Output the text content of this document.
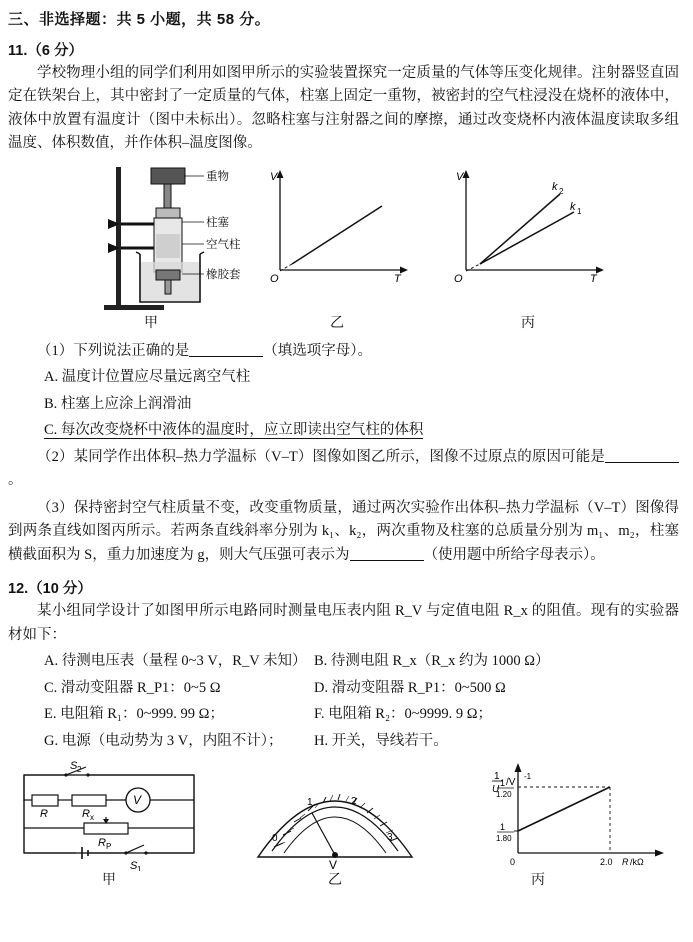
三、非选择题：共 5 小题，共 58 分。
11.（6 分）
学校物理小组的同学们利用如图甲所示的实验装置探究一定质量的气体等压变化规律。注射器竖直固定在铁架台上，其中密封了一定质量的气体，柱塞上固定一重物，被密封的空气柱浸没在烧杯的液体中，液体中放置有温度计（图中未标出）。忽略柱塞与注射器之间的摩擦，通过改变烧杯内液体温度读取多组温度、体积数值，并作体积–温度图像。
重物
柱塞
空气柱
橡胶套
甲
V
O	T
乙
V
O	T
k 2
k 1
丙
（1）下列说法正确的是	（填选项字母）。
A. 温度计位置应尽量远离空气柱
B. 柱塞上应涂上润滑油
C. 每次改变烧杯中液体的温度时，应立即读出空气柱的体积
（2）某同学作出体积–热力学温标（V–T）图像如图乙所示，图像不过原点的原因可能是。
（3）保持密封空气柱质量不变，改变重物质量，通过两次实验作出体积–热力学温标（V–T）图像得到两条直线如图丙所示。若两条直线斜率分别为 k₁、k₂，两次重物及柱塞的总质量分别为 m₁、m₂，柱塞横截面积为 S，重力加速度为 g，则大气压强可表示为	（使用题中所给字母表示）。
12.（10 分）
某小组同学设计了如图甲所示电路同时测量电压表内阻 R_V 与定值电阻 R_x 的阻值。现有的实验器材如下：
A. 待测电压表（量程 0~3 V，R_V 未知） B. 待测电阻 R_x（R_x 约为 1000 Ω）
C. 滑动变阻器 R_P1：0~5 Ω	D. 滑动变阻器 R_P1：0~500 Ω
E. 电阻箱 R₁：0~999. 99 Ω；	F. 电阻箱 R₂：0~9999. 9 Ω；
G. 电源（电动势为 3 V，内阻不计）；	H. 开关，导线若干。
S 2
R	R x
V
R P
S 1
甲
0
1	2
3
V
乙
1
U
/V
-1
1
1.20
1
1.80
0	2.0 R /kΩ
丙
